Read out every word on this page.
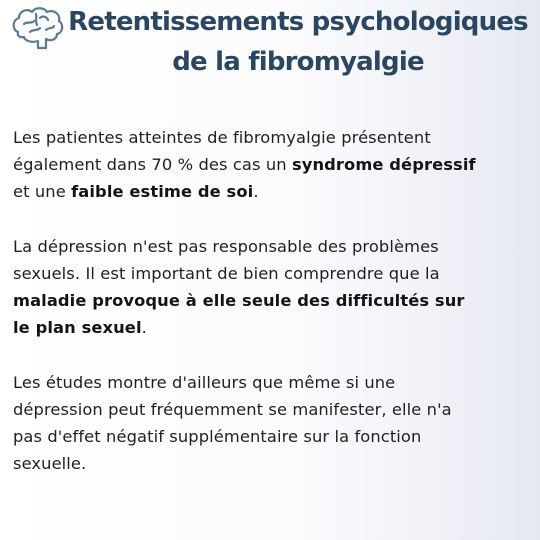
Retentissements psychologiques
de la fibromyalgie

Les patientes atteintes de fibromyalgie présentent également dans 70 % des cas un syndrome dépressif et une faible estime de soi.

La dépression n'est pas responsable des problèmes sexuels. Il est important de bien comprendre que la maladie provoque à elle seule des difficultés sur le plan sexuel.

Les études montre d'ailleurs que même si une dépression peut fréquemment se manifester, elle n'a pas d'effet négatif supplémentaire sur la fonction sexuelle.
